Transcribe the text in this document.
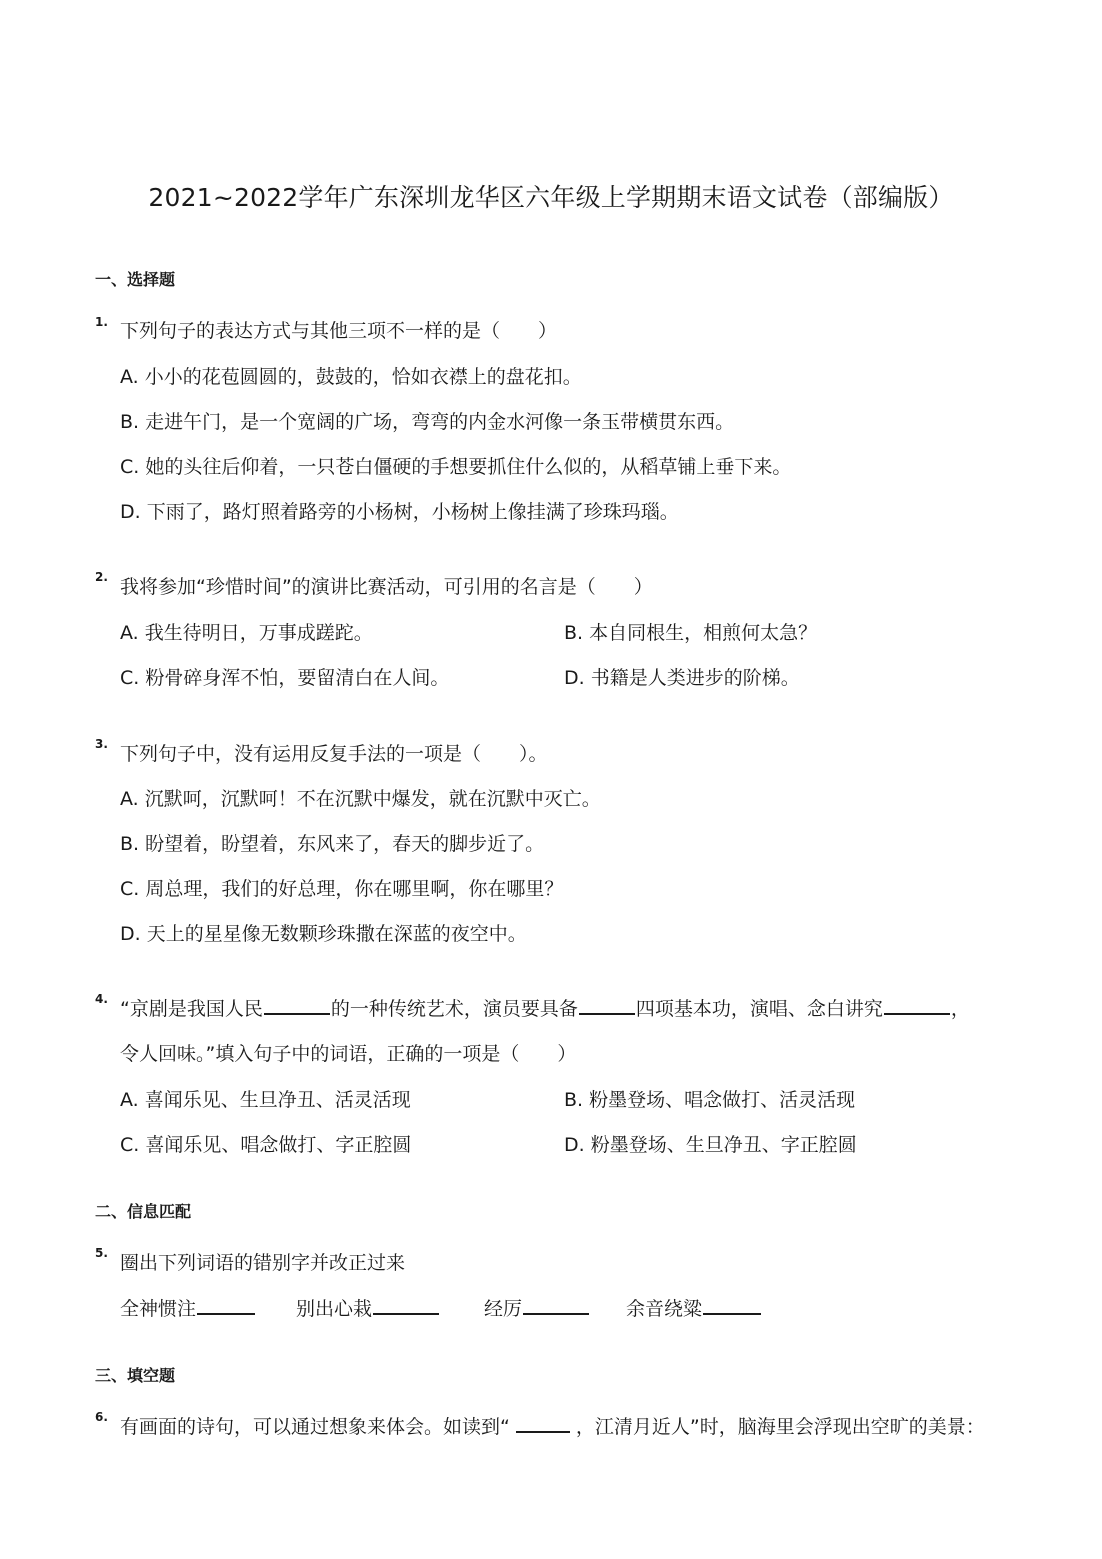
2021~2022学年广东深圳龙华区六年级上学期期末语文试卷（部编版）
一、选择题
1. 下列句子的表达方式与其他三项不一样的是（　　）
A. 小小的花苞圆圆的，鼓鼓的，恰如衣襟上的盘花扣。
B. 走进午门，是一个宽阔的广场，弯弯的内金水河像一条玉带横贯东西。
C. 她的头往后仰着，一只苍白僵硬的手想要抓住什么似的，从稻草铺上垂下来。
D. 下雨了，路灯照着路旁的小杨树，小杨树上像挂满了珍珠玛瑙。
2. 我将参加“珍惜时间”的演讲比赛活动，可引用的名言是（　　）
A. 我生待明日，万事成蹉跎。	B. 本自同根生，相煎何太急？
C. 粉骨碎身浑不怕，要留清白在人间。	D. 书籍是人类进步的阶梯。
3. 下列句子中，没有运用反复手法的一项是（　　）。
A. 沉默呵，沉默呵！不在沉默中爆发，就在沉默中灭亡。
B. 盼望着，盼望着，东风来了，春天的脚步近了。
C. 周总理，我们的好总理，你在哪里啊，你在哪里？
D. 天上的星星像无数颗珍珠撒在深蓝的夜空中。
4. “京剧是我国人民	的一种传统艺术，演员要具备	四项基本功，演唱、念白讲究	，
令人回味。”填入句子中的词语，正确的一项是（　　）
A. 喜闻乐见、生旦净丑、活灵活现	B. 粉墨登场、唱念做打、活灵活现
C. 喜闻乐见、唱念做打、字正腔圆	D. 粉墨登场、生旦净丑、字正腔圆
二、信息匹配
5. 圈出下列词语的错别字并改正过来
全神惯注	别出心栽	经厉	余音绕粱
三、填空题
6. 有画面的诗句，可以通过想象来体会。如读到“	，江清月近人”时，脑海里会浮现出空旷的美景：
